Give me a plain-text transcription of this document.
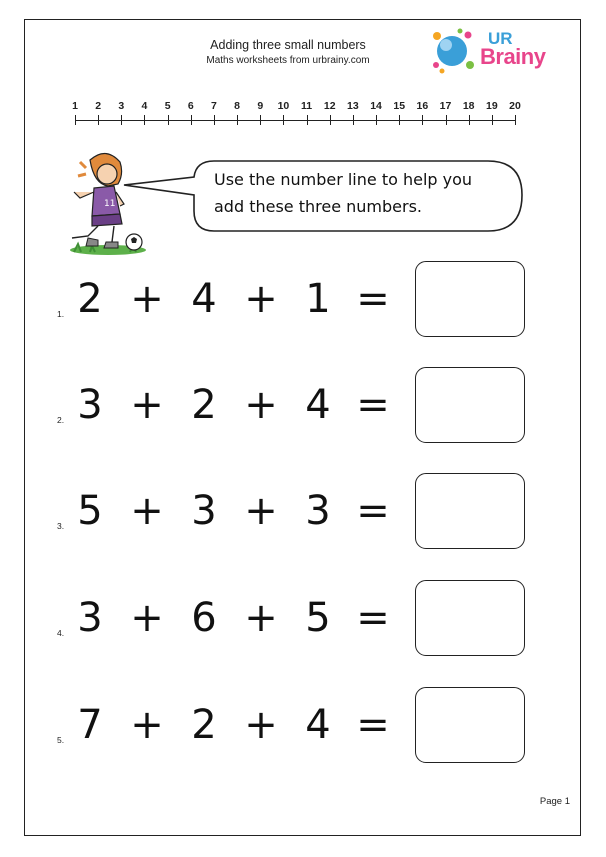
Adding three small numbers
Maths worksheets from urbrainy.com
UR
Brainy
1	2	3	4	5	6	7	8	9	10	11	12	13	14	15	16	17	18	19	20
11
Use the number line to help you
add these three numbers.
1. 2 + 4 + 1 =
2. 3 + 2 + 4 =
3. 5 + 3 + 3 =
4. 3 + 6 + 5 =
5. 7 + 2 + 4 =
Page 1
